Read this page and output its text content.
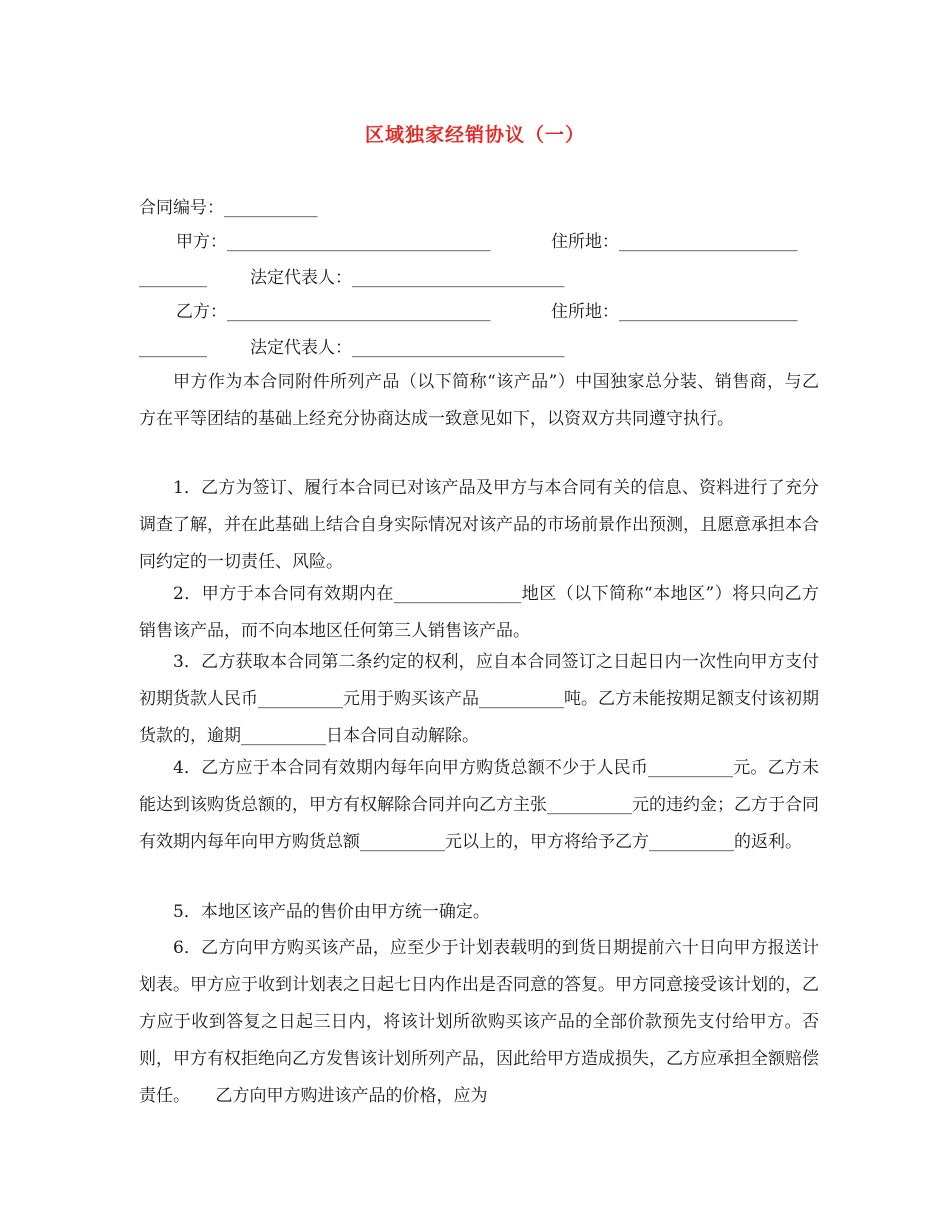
区域独家经销协议（一）
合同编号：___________
甲方：_______________________________	住所地：_____________________
________	法定代表人：_________________________
乙方：_______________________________	住所地：_____________________
________	法定代表人：_________________________
甲方作为本合同附件所列产品（以下简称“该产品”）中国独家总分装、销售商，与乙方在平等团结的基础上经充分协商达成一致意见如下，以资双方共同遵守执行。
1．乙方为签订、履行本合同已对该产品及甲方与本合同有关的信息、资料进行了充分调查了解，并在此基础上结合自身实际情况对该产品的市场前景作出预测，且愿意承担本合同约定的一切责任、风险。
2．甲方于本合同有效期内在_______________地区（以下简称“本地区”）将只向乙方销售该产品，而不向本地区任何第三人销售该产品。
3．乙方获取本合同第二条约定的权利，应自本合同签订之日起日内一次性向甲方支付初期货款人民币__________元用于购买该产品__________吨。乙方未能按期足额支付该初期货款的，逾期__________日本合同自动解除。
4．乙方应于本合同有效期内每年向甲方购货总额不少于人民币__________元。乙方未能达到该购货总额的，甲方有权解除合同并向乙方主张__________元的违约金；乙方于合同有效期内每年向甲方购货总额__________元以上的，甲方将给予乙方__________的返利。
5．本地区该产品的售价由甲方统一确定。
6．乙方向甲方购买该产品，应至少于计划表载明的到货日期提前六十日向甲方报送计划表。甲方应于收到计划表之日起七日内作出是否同意的答复。甲方同意接受该计划的，乙方应于收到答复之日起三日内，将该计划所欲购买该产品的全部价款预先支付给甲方。否则，甲方有权拒绝向乙方发售该计划所列产品，因此给甲方造成损失，乙方应承担全额赔偿责任。　　乙方向甲方购进该产品的价格，应为
